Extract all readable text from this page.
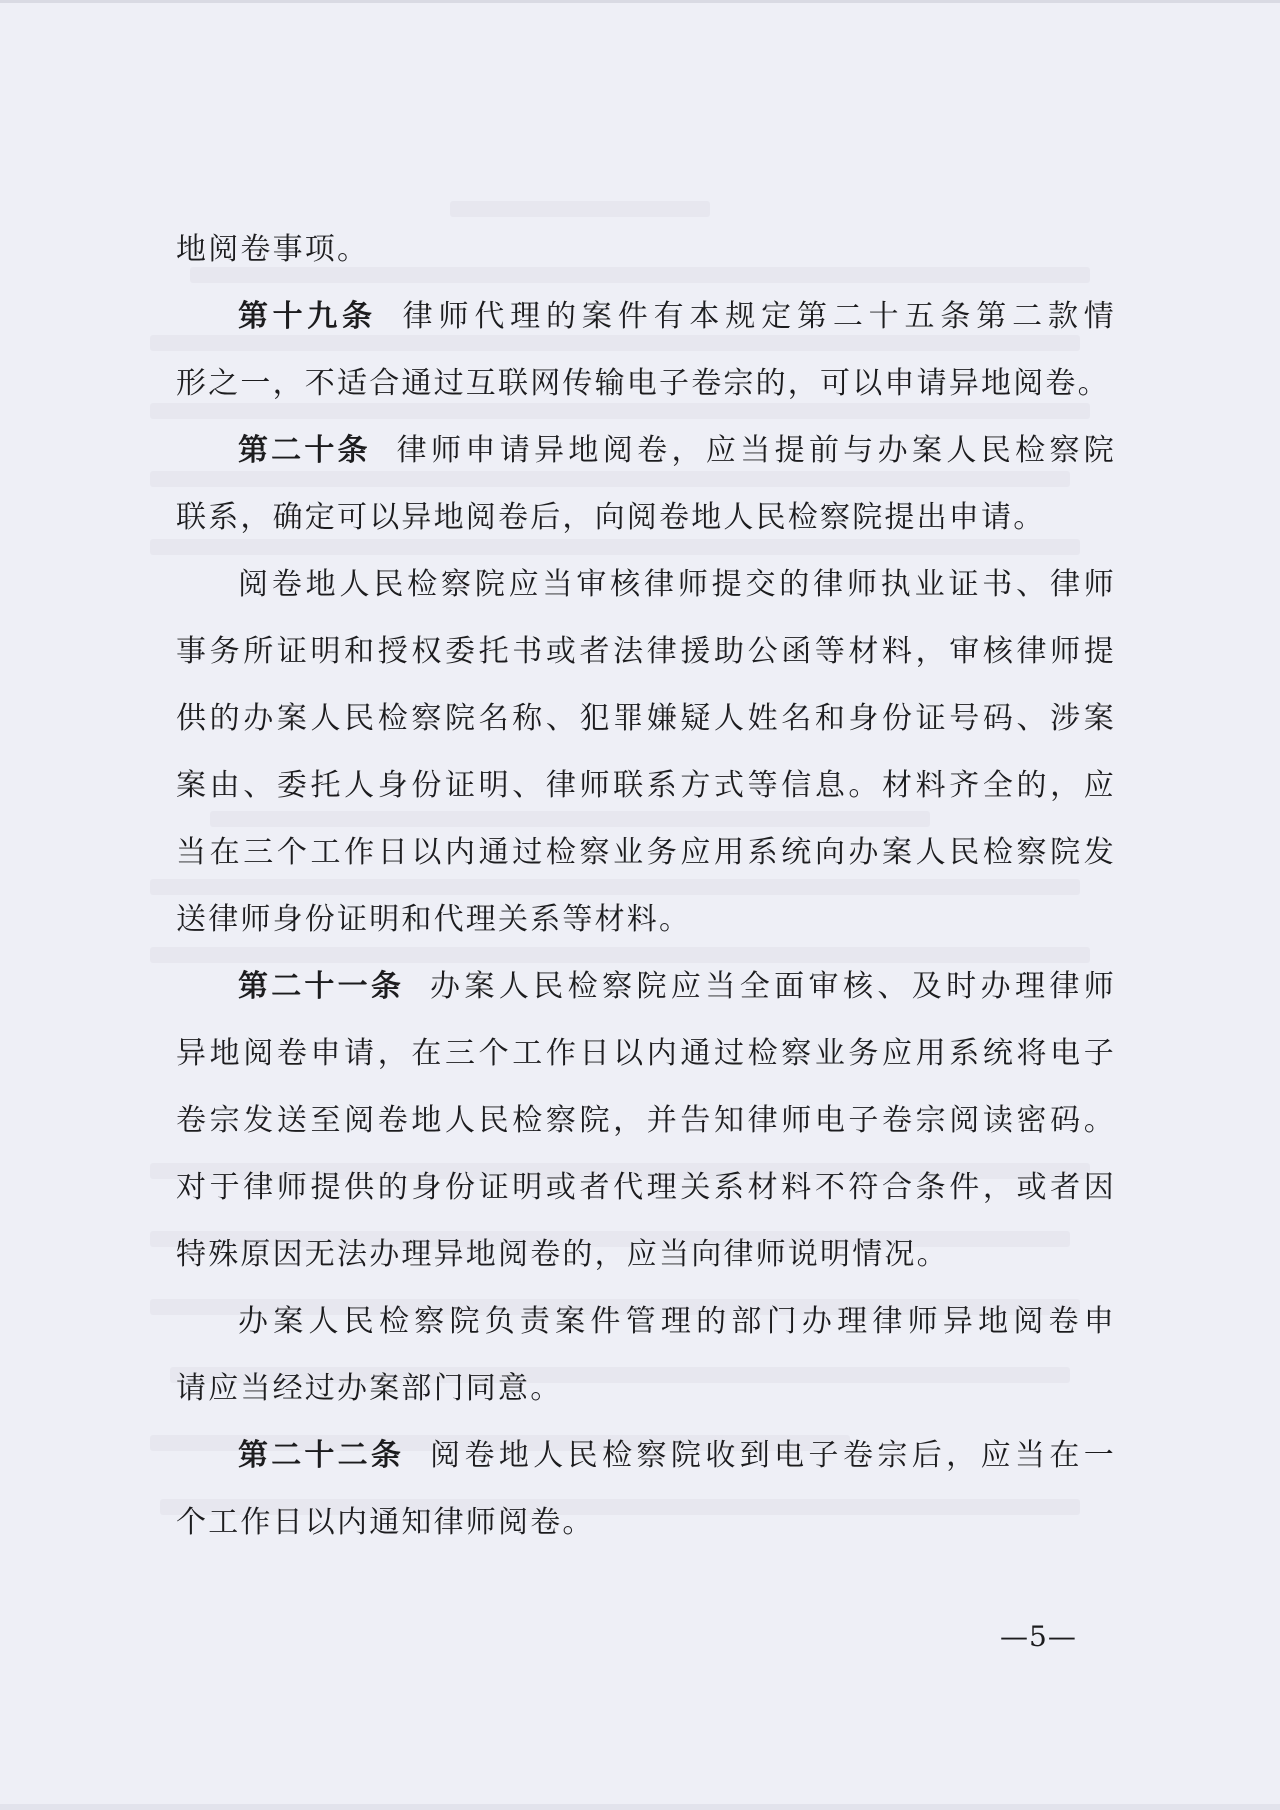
地阅卷事项。
第十九条 律师代理的案件有本规定第二十五条第二款情
形之一，不适合通过互联网传输电子卷宗的，可以申请异地阅卷。
第二十条 律师申请异地阅卷，应当提前与办案人民检察院
联系，确定可以异地阅卷后，向阅卷地人民检察院提出申请。
阅卷地人民检察院应当审核律师提交的律师执业证书、律师
事务所证明和授权委托书或者法律援助公函等材料，审核律师提
供的办案人民检察院名称、犯罪嫌疑人姓名和身份证号码、涉案
案由、委托人身份证明、律师联系方式等信息。材料齐全的，应
当在三个工作日以内通过检察业务应用系统向办案人民检察院发
送律师身份证明和代理关系等材料。
第二十一条 办案人民检察院应当全面审核、及时办理律师
异地阅卷申请，在三个工作日以内通过检察业务应用系统将电子
卷宗发送至阅卷地人民检察院，并告知律师电子卷宗阅读密码。
对于律师提供的身份证明或者代理关系材料不符合条件，或者因
特殊原因无法办理异地阅卷的，应当向律师说明情况。
办案人民检察院负责案件管理的部门办理律师异地阅卷申
请应当经过办案部门同意。
第二十二条 阅卷地人民检察院收到电子卷宗后，应当在一
个工作日以内通知律师阅卷。
—5—
